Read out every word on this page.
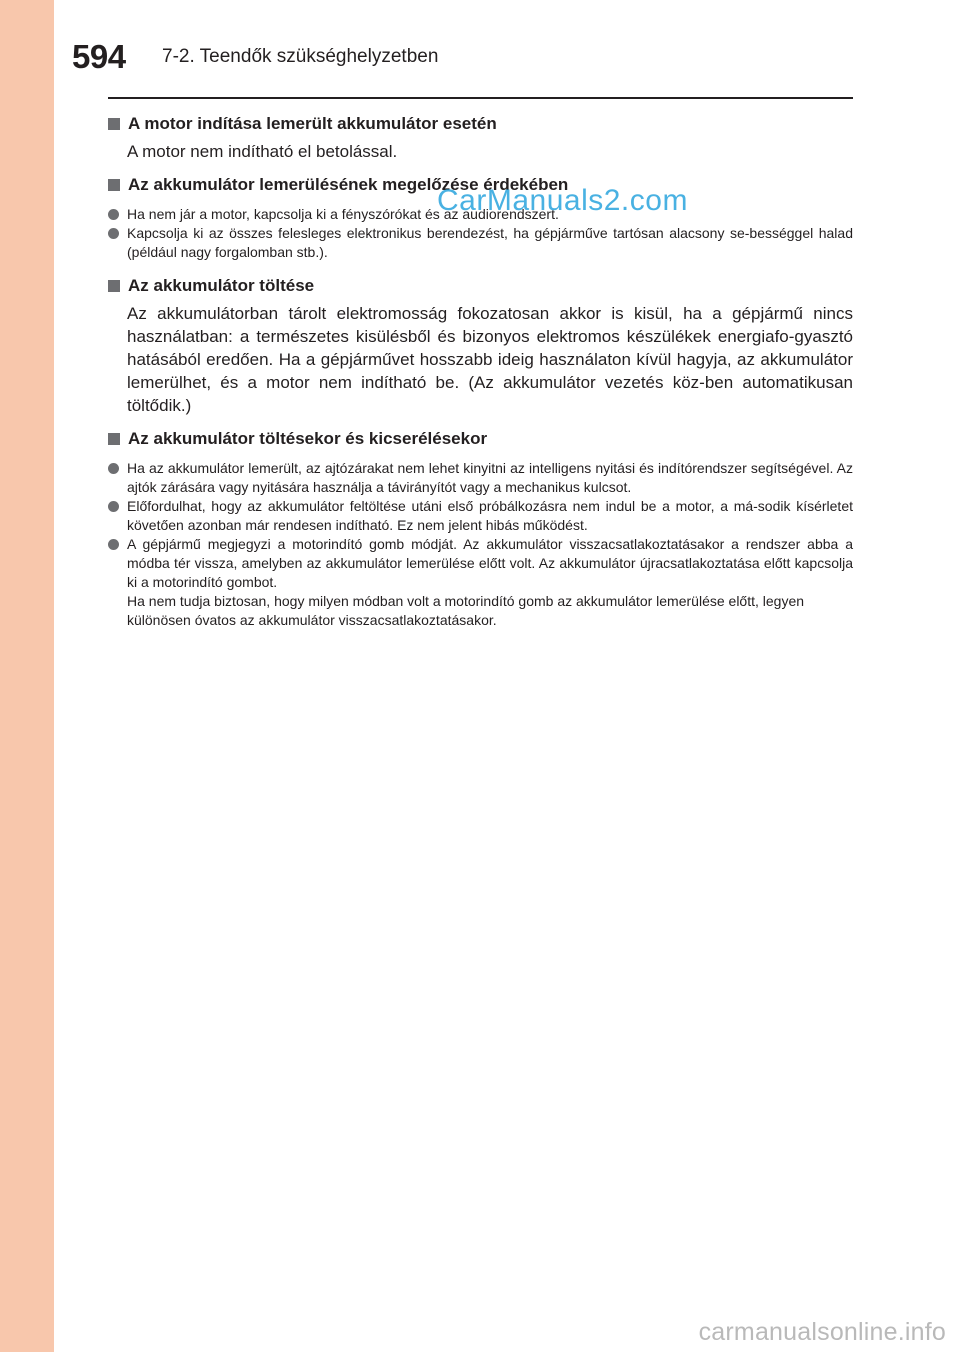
594 7-2. Teendők szükséghelyzetben
A motor indítása lemerült akkumulátor esetén

A motor nem indítható el betolással.

Az akkumulátor lemerülésének megelőzése érdekében
Ha nem jár a motor, kapcsolja ki a fényszórókat és az audiorendszert.
Kapcsolja ki az összes felesleges elektronikus berendezést, ha gépjárműve tartósan alacsony se-bességgel halad (például nagy forgalomban stb.).
Az akkumulátor töltése

Az akkumulátorban tárolt elektromosság fokozatosan akkor is kisül, ha a gépjármű nincs használatban: a természetes kisülésből és bizonyos elektromos készülékek energiafo-gyasztó hatásából eredően. Ha a gépjárművet hosszabb ideig használaton kívül hagyja, az akkumulátor lemerülhet, és a motor nem indítható be. (Az akkumulátor vezetés köz-ben automatikusan töltődik.)

Az akkumulátor töltésekor és kicserélésekor
Ha az akkumulátor lemerült, az ajtózárakat nem lehet kinyitni az intelligens nyitási és indítórendszer segítségével. Az ajtók zárására vagy nyitására használja a távirányítót vagy a mechanikus kulcsot.
Előfordulhat, hogy az akkumulátor feltöltése utáni első próbálkozásra nem indul be a motor, a má-sodik kísérletet követően azonban már rendesen indítható. Ez nem jelent hibás működést.
A gépjármű megjegyzi a motorindító gomb módját. Az akkumulátor visszacsatlakoztatásakor a rendszer abba a módba tér vissza, amelyben az akkumulátor lemerülése előtt volt. Az akkumulátor újracsatlakoztatása előtt kapcsolja ki a motorindító gombot.
Ha nem tudja biztosan, hogy milyen módban volt a motorindító gomb az akkumulátor lemerülése előtt, legyen különösen óvatos az akkumulátor visszacsatlakoztatásakor.
CarManuals2.com
carmanualsonline.info
